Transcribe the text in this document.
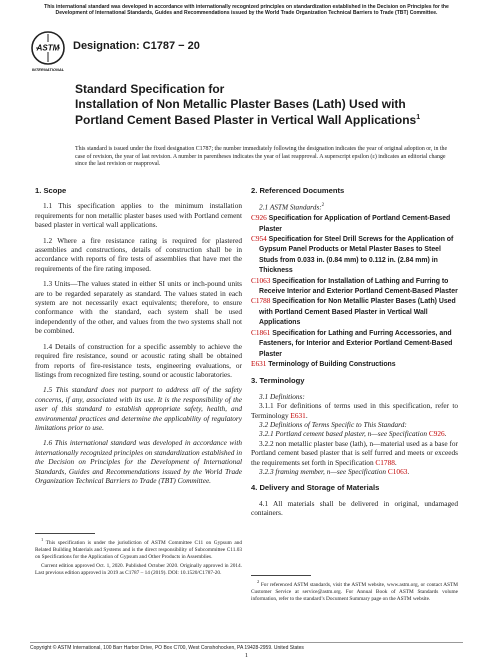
This international standard was developed in accordance with internationally recognized principles on standardization established in the Decision on Principles for the Development of International Standards, Guides and Recommendations issued by the World Trade Organization Technical Barriers to Trade (TBT) Committee.
ASTM
INTERNATIONAL
Designation: C1787 − 20
Standard Specification for
Installation of Non Metallic Plaster Bases (Lath) Used with Portland Cement Based Plaster in Vertical Wall Applications$^1$
This standard is issued under the fixed designation C1787; the number immediately following the designation indicates the year of original adoption or, in the case of revision, the year of last revision. A number in parentheses indicates the year of last reapproval. A superscript epsilon (ε) indicates an editorial change since the last revision or reapproval.
1. Scope

1.1 This specification applies to the minimum installation requirements for non metallic plaster bases used with Portland cement based plaster in vertical wall applications.

1.2 Where a fire resistance rating is required for plastered assemblies and constructions, details of construction shall be in accordance with reports of fire tests of assemblies that have met the requirements of the fire rating imposed.

1.3 Units—The values stated in either SI units or inch-pound units are to be regarded separately as standard. The values stated in each system are not necessarily exact equivalents; therefore, to ensure conformance with the standard, each system shall be used independently of the other, and values from the two systems shall not be combined.

1.4 Details of construction for a specific assembly to achieve the required fire resistance, sound or acoustic rating shall be obtained from reports of fire-resistance tests, engineering evaluations, or listings from recognized fire testing, sound or acoustic laboratories.

1.5 This standard does not purport to address all of the safety concerns, if any, associated with its use. It is the responsibility of the user of this standard to establish appropriate safety, health, and environmental practices and determine the applicability of regulatory limitations prior to use.

1.6 This international standard was developed in accordance with internationally recognized principles on standardization established in the Decision on Principles for the Development of International Standards, Guides and Recommendations issued by the World Trade Organization Technical Barriers to Trade (TBT) Committee.

2. Referenced Documents

2.1 ASTM Standards:$^2$

C926 Specification for Application of Portland Cement-Based Plaster
C954 Specification for Steel Drill Screws for the Application of Gypsum Panel Products or Metal Plaster Bases to Steel Studs from 0.033 in. (0.84 mm) to 0.112 in. (2.84 mm) in Thickness
C1063 Specification for Installation of Lathing and Furring to Receive Interior and Exterior Portland Cement-Based Plaster
C1788 Specification for Non Metallic Plaster Bases (Lath) Used with Portland Cement Based Plaster in Vertical Wall Applications
C1861 Specification for Lathing and Furring Accessories, and Fasteners, for Interior and Exterior Portland Cement-Based Plaster
E631 Terminology of Building Constructions
3. Terminology

3.1 Definitions:

3.1.1 For definitions of terms used in this specification, refer to Terminology E631.

3.2 Definitions of Terms Specific to This Standard:

3.2.1 Portland cement based plaster, n—see Specification C926.

3.2.2 non metallic plaster base (lath), n—material used as a base for Portland cement based plaster that is self furred and meets or exceeds the requirements set forth in Specification C1788.

3.2.3 framing member, n—see Specification C1063.

4. Delivery and Storage of Materials

4.1 All materials shall be delivered in original, undamaged containers.

$^1$ This specification is under the jurisdiction of ASTM Committee C11 on Gypsum and Related Building Materials and Systems and is the direct responsibility of Subcommittee C11.03 on Specifications for the Application of Gypsum and Other Products in Assemblies.

Current edition approved Oct. 1, 2020. Published October 2020. Originally approved in 2014. Last previous edition approved in 2019 as C1787 – 14 (2019). DOI: 10.1520/C1787-20.

$^2$ For referenced ASTM standards, visit the ASTM website, www.astm.org, or contact ASTM Customer Service at service@astm.org. For Annual Book of ASTM Standards volume information, refer to the standard’s Document Summary page on the ASTM website.

Copyright © ASTM International, 100 Barr Harbor Drive, PO Box C700, West Conshohocken, PA 19428-2959. United States
1
